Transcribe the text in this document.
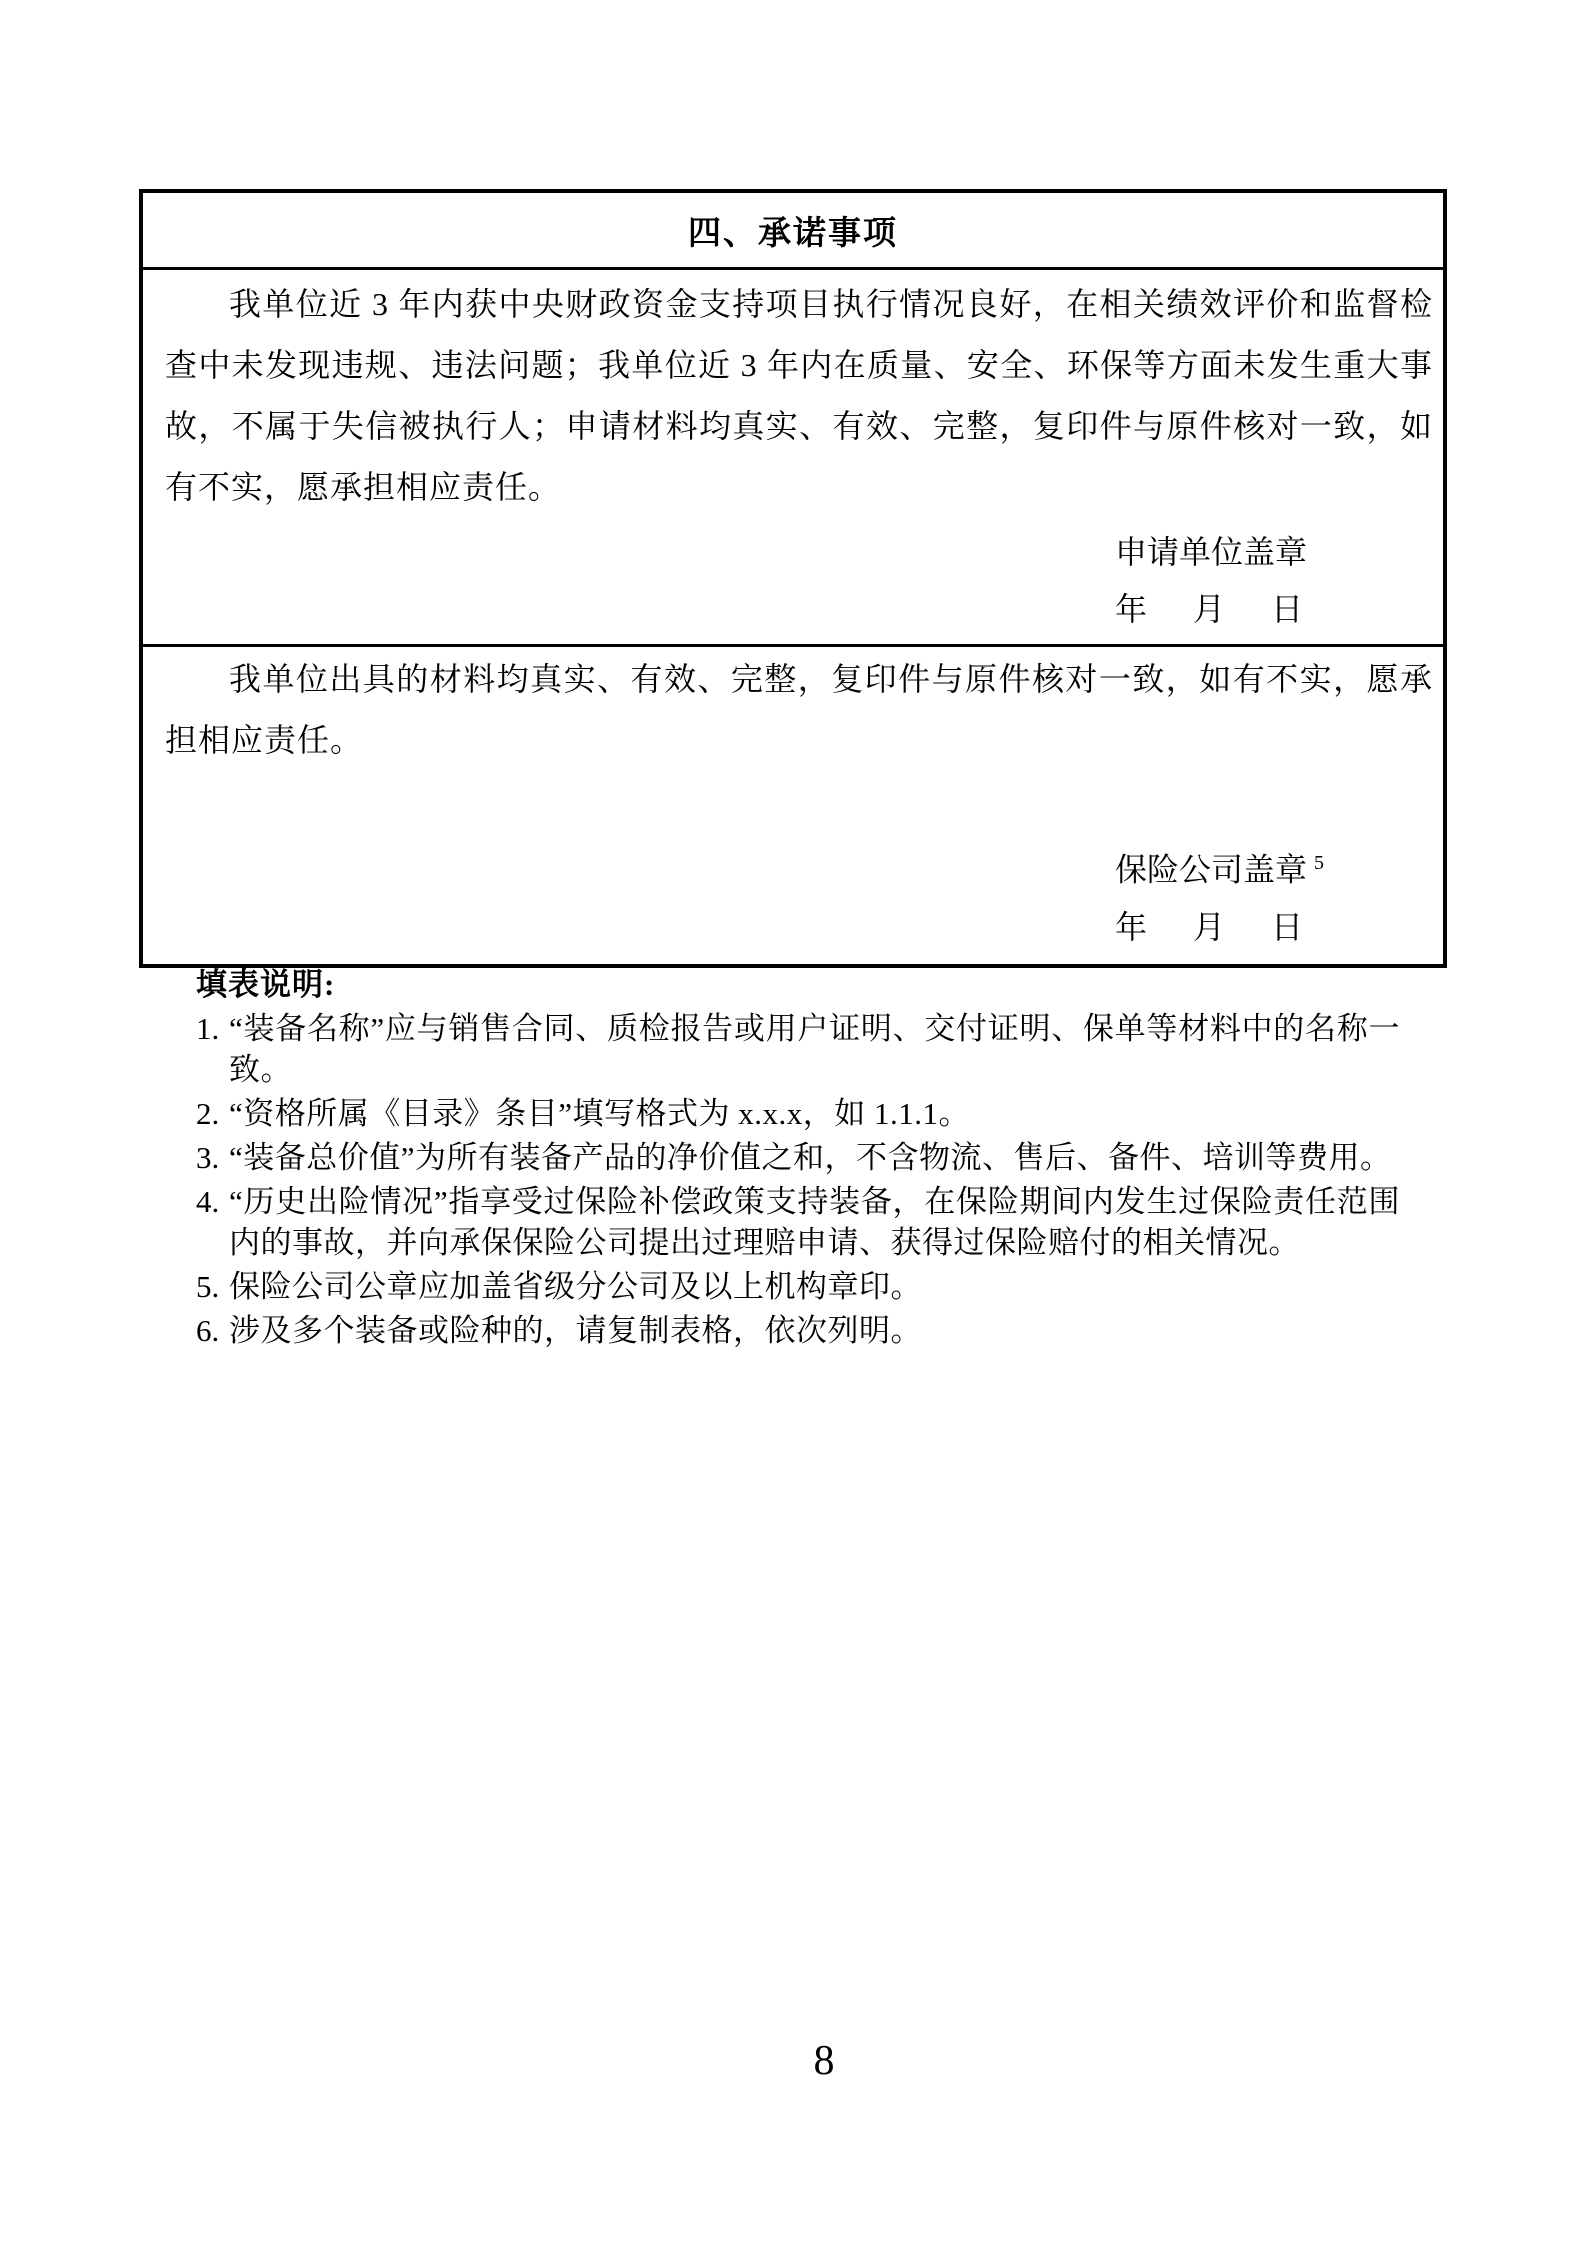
四、承诺事项

我单位近 3 年内获中央财政资金支持项目执行情况良好，在相关绩效评价和监督检查中未发现违规、违法问题；我单位近 3 年内在质量、安全、环保等方面未发生重大事故，不属于失信被执行人；申请材料均真实、有效、完整，复印件与原件核对一致，如有不实，愿承担相应责任。

申请单位盖章
年 月 日

我单位出具的材料均真实、有效、完整，复印件与原件核对一致，如有不实，愿承担相应责任。

保险公司盖章 $^5$
年 月 日
填表说明:
1. “装备名称”应与销售合同、质检报告或用户证明、交付证明、保单等材料中的名称一致。
2. “资格所属《目录》条目”填写格式为 x.x.x，如 1.1.1。
3. “装备总价值”为所有装备产品的净价值之和，不含物流、售后、备件、培训等费用。
4. “历史出险情况”指享受过保险补偿政策支持装备，在保险期间内发生过保险责任范围内的事故，并向承保保险公司提出过理赔申请、获得过保险赔付的相关情况。
5. 保险公司公章应加盖省级分公司及以上机构章印。
6. 涉及多个装备或险种的，请复制表格，依次列明。
8
